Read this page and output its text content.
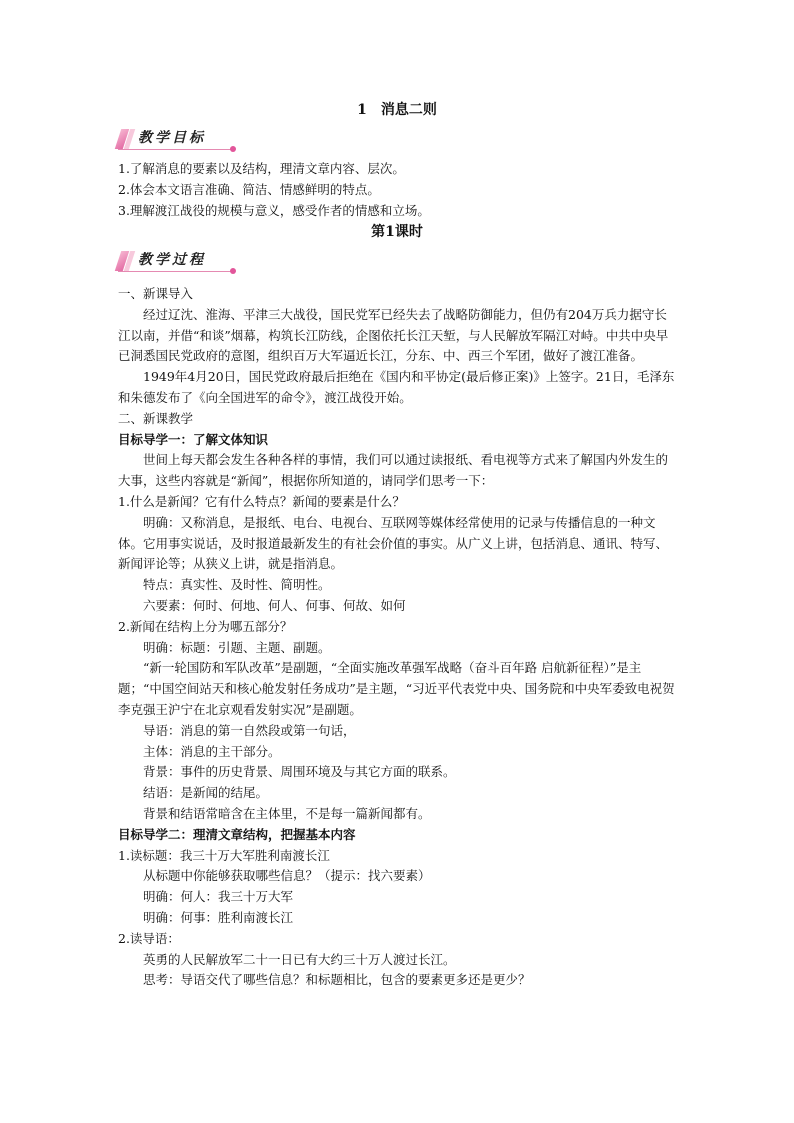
1　消息二则
教学目标

1.了解消息的要素以及结构，理清文章内容、层次。

2.体会本文语言准确、简洁、情感鲜明的特点。

3.理解渡江战役的规模与意义，感受作者的情感和立场。

第1课时
教学过程

一、新课导入

经过辽沈、淮海、平津三大战役，国民党军已经失去了战略防御能力，但仍有204万兵力据守长江以南，并借“和谈”烟幕，构筑长江防线，企图依托长江天堑，与人民解放军隔江对峙。中共中央早已洞悉国民党政府的意图，组织百万大军逼近长江，分东、中、西三个军团，做好了渡江准备。

1949年4月20日，国民党政府最后拒绝在《国内和平协定(最后修正案)》上签字。21日，毛泽东和朱德发布了《向全国进军的命令》，渡江战役开始。

二、新课教学

目标导学一：了解文体知识

世间上每天都会发生各种各样的事情，我们可以通过读报纸、看电视等方式来了解国内外发生的大事，这些内容就是“新闻”，根据你所知道的，请同学们思考一下：

1.什么是新闻？它有什么特点？新闻的要素是什么？

明确：又称消息，是报纸、电台、电视台、互联网等媒体经常使用的记录与传播信息的一种文体。它用事实说话，及时报道最新发生的有社会价值的事实。从广义上讲，包括消息、通讯、特写、新闻评论等；从狭义上讲，就是指消息。

特点：真实性、及时性、简明性。

六要素：何时、何地、何人、何事、何故、如何

2.新闻在结构上分为哪五部分？

明确：标题：引题、主题、副题。

“新一轮国防和军队改革”是副题，“全面实施改革强军战略（奋斗百年路 启航新征程）”是主题；“中国空间站天和核心舱发射任务成功”是主题，“习近平代表党中央、国务院和中央军委致电祝贺李克强王沪宁在北京观看发射实况”是副题。

导语：消息的第一自然段或第一句话，

主体：消息的主干部分。

背景：事件的历史背景、周围环境及与其它方面的联系。

结语：是新闻的结尾。

背景和结语常暗含在主体里，不是每一篇新闻都有。

目标导学二：理清文章结构，把握基本内容

1.读标题：我三十万大军胜利南渡长江

从标题中你能够获取哪些信息？（提示：找六要素）

明确：何人：我三十万大军

明确：何事：胜利南渡长江

2.读导语：

英勇的人民解放军二十一日已有大约三十万人渡过长江。

思考：导语交代了哪些信息？和标题相比，包含的要素更多还是更少？
